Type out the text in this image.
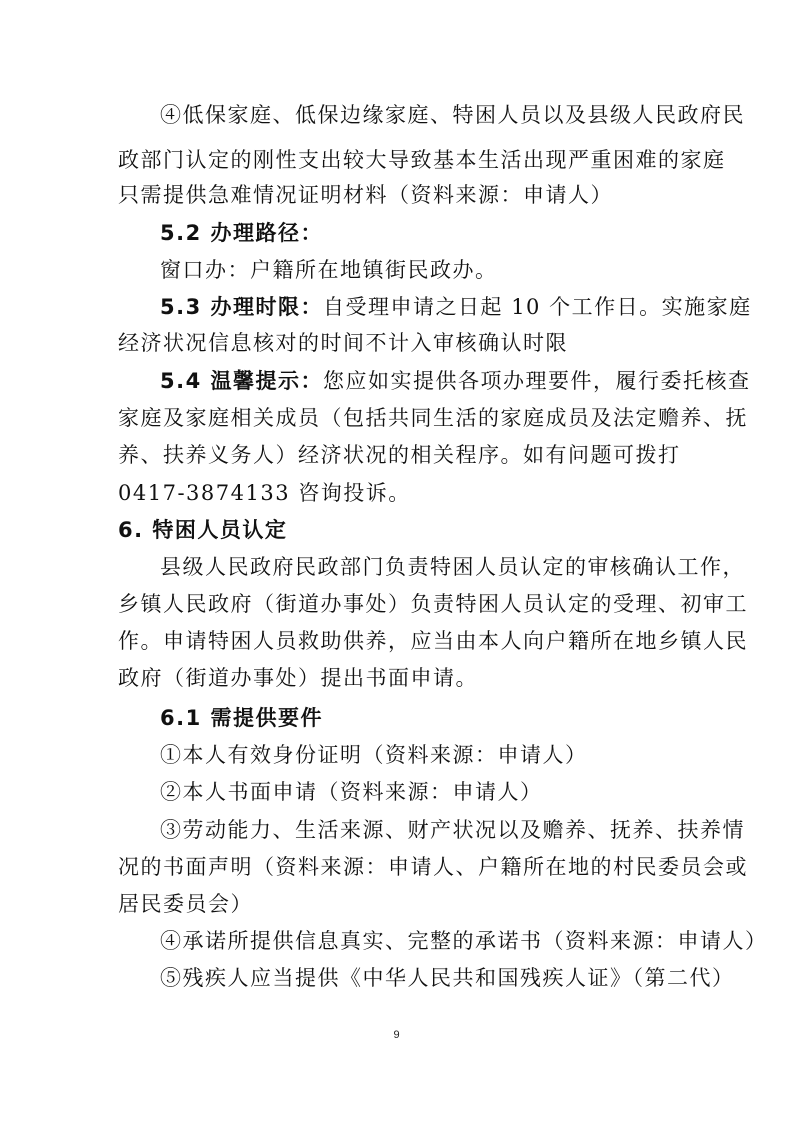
④低保家庭、低保边缘家庭、特困人员以及县级人民政府民

政部门认定的刚性支出较大导致基本生活出现严重困难的家庭

只需提供急难情况证明材料（资料来源：申请人）

5.2 办理路径：

窗口办：户籍所在地镇街民政办。

5.3 办理时限：自受理申请之日起 10 个工作日。实施家庭

经济状况信息核对的时间不计入审核确认时限

5.4 温馨提示：您应如实提供各项办理要件，履行委托核查

家庭及家庭相关成员（包括共同生活的家庭成员及法定赡养、抚

养、扶养义务人）经济状况的相关程序。如有问题可拨打

0417-3874133 咨询投诉。

6. 特困人员认定

县级人民政府民政部门负责特困人员认定的审核确认工作，

乡镇人民政府（街道办事处）负责特困人员认定的受理、初审工

作。申请特困人员救助供养，应当由本人向户籍所在地乡镇人民

政府（街道办事处）提出书面申请。

6.1 需提供要件

①本人有效身份证明（资料来源：申请人）

②本人书面申请（资料来源：申请人）

③劳动能力、生活来源、财产状况以及赡养、抚养、扶养情

况的书面声明（资料来源：申请人、户籍所在地的村民委员会或

居民委员会）

④承诺所提供信息真实、完整的承诺书（资料来源：申请人）

⑤残疾人应当提供《中华人民共和国残疾人证》（第二代）

9
